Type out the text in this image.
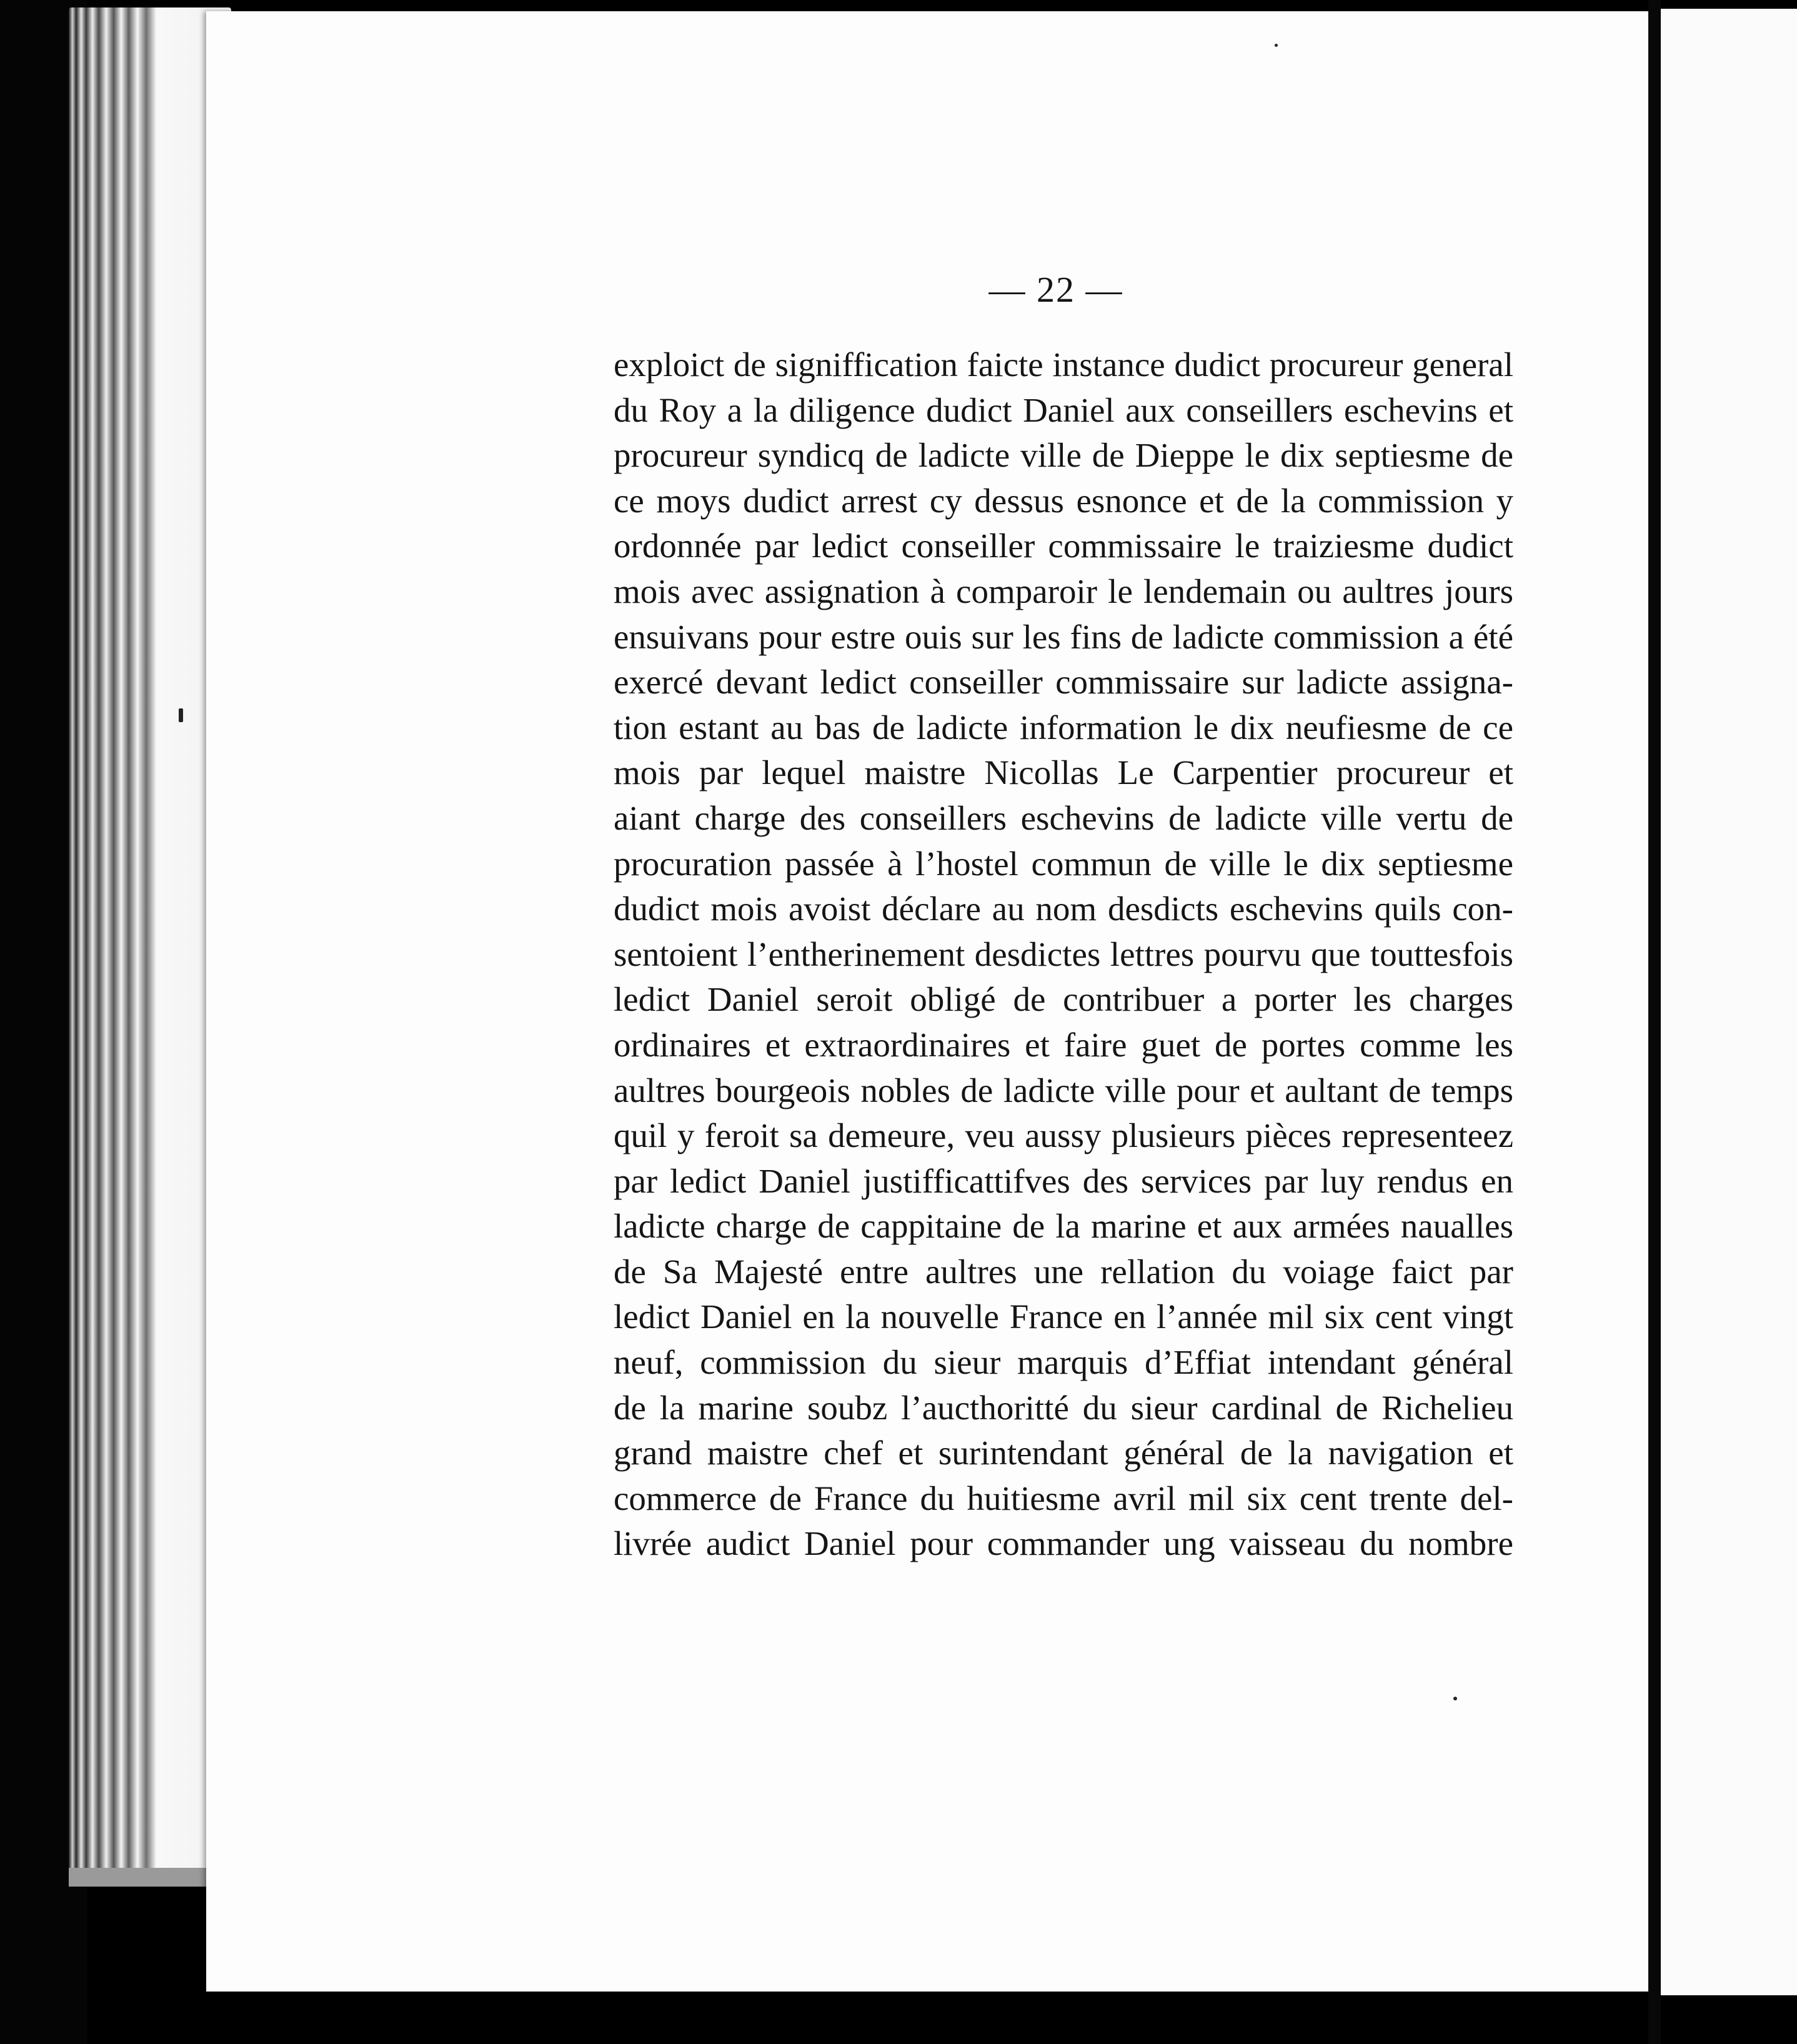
— 22 —
exploict de signiffication faicte instance dudict procureur general
du Roy a la diligence dudict Daniel aux conseillers eschevins et
procureur syndicq de ladicte ville de Dieppe le dix septiesme de
ce moys dudict arrest cy dessus esnonce et de la commission y
ordonnée par ledict conseiller commissaire le traiziesme dudict
mois avec assignation à comparoir le lendemain ou aultres jours
ensuivans pour estre ouis sur les fins de ladicte commission a été
exercé devant ledict conseiller commissaire sur ladicte assigna-
tion estant au bas de ladicte information le dix neufiesme de ce
mois par lequel maistre Nicollas Le Carpentier procureur et
aiant charge des conseillers eschevins de ladicte ville vertu de
procuration passée à l’hostel commun de ville le dix septiesme
dudict mois avoist déclare au nom desdicts eschevins quils con-
sentoient l’entherinement desdictes lettres pourvu que touttesfois
ledict Daniel seroit obligé de contribuer a porter les charges
ordinaires et extraordinaires et faire guet de portes comme les
aultres bourgeois nobles de ladicte ville pour et aultant de temps
quil y feroit sa demeure, veu aussy plusieurs pièces representeez
par ledict Daniel justifficattifves des services par luy rendus en
ladicte charge de cappitaine de la marine et aux armées naualles
de Sa Majesté entre aultres une rellation du voiage faict par
ledict Daniel en la nouvelle France en l’année mil six cent vingt
neuf, commission du sieur marquis d’Effiat intendant général
de la marine soubz l’aucthoritté du sieur cardinal de Richelieu
grand maistre chef et surintendant général de la navigation et
commerce de France du huitiesme avril mil six cent trente del-
livrée audict Daniel pour commander ung vaisseau du nombre
